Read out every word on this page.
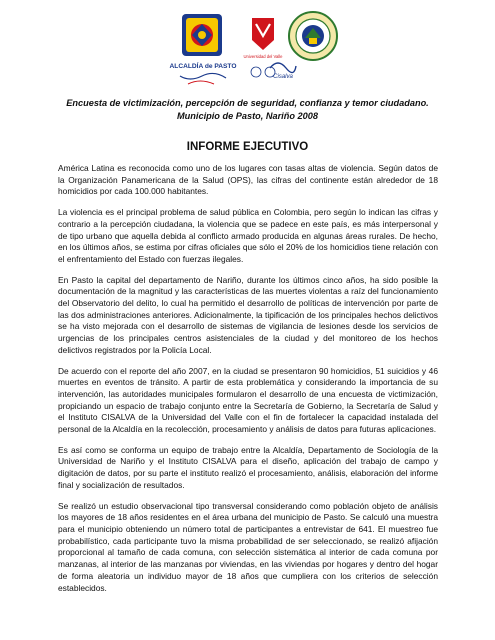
ALCALDÍA de PASTO
Universidad del Valle
Cisalva
Encuesta de victimización, percepción de seguridad, confianza y temor ciudadano. Municipio de Pasto, Nariño 2008
INFORME EJECUTIVO

América Latina es reconocida como uno de los lugares con tasas altas de violencia. Según datos de la Organización Panamericana de la Salud (OPS), las cifras del continente están alrededor de 18 homicidios por cada 100.000 habitantes.

La violencia es el principal problema de salud pública en Colombia, pero según lo indican las cifras y contrario a la percepción ciudadana, la violencia que se padece en este país, es más interpersonal y de tipo urbano que aquella debida al conflicto armado producida en algunas áreas rurales. De hecho, en los últimos años, se estima por cifras oficiales que sólo el 20% de los homicidios tiene relación con el enfrentamiento del Estado con fuerzas ilegales.

En Pasto la capital del departamento de Nariño, durante los últimos cinco años, ha sido posible la documentación de la magnitud y las características de las muertes violentas a raíz del funcionamiento del Observatorio del delito, lo cual ha permitido el desarrollo de políticas de intervención por parte de las dos administraciones anteriores. Adicionalmente, la tipificación de los principales hechos delictivos se ha visto mejorada con el desarrollo de sistemas de vigilancia de lesiones desde los servicios de urgencias de los principales centros asistenciales de la ciudad y del monitoreo de los hechos delictivos registrados por la Policía Local.

De acuerdo con el reporte del año 2007, en la ciudad se presentaron 90 homicidios, 51 suicidios y 46 muertes en eventos de tránsito. A partir de esta problemática y considerando la importancia de su intervención, las autoridades municipales formularon el desarrollo de una encuesta de victimización, propiciando un espacio de trabajo conjunto entre la Secretaría de Gobierno, la Secretaría de Salud y el Instituto CISALVA de la Universidad del Valle con el fin de fortalecer la capacidad instalada del personal de la Alcaldía en la recolección, procesamiento y análisis de datos para futuras aplicaciones.

Es así como se conforma un equipo de trabajo entre la Alcaldía, Departamento de Sociología de la Universidad de Nariño y el Instituto CISALVA para el diseño, aplicación del trabajo de campo y digitación de datos, por su parte el instituto realizó el procesamiento, análisis, elaboración del informe final y socialización de resultados.

Se realizó un estudio observacional tipo transversal considerando como población objeto de análisis los mayores de 18 años residentes en el área urbana del municipio de Pasto. Se calculó una muestra para el municipio obteniendo un número total de participantes a entrevistar de 641. El muestreo fue probabilístico, cada participante tuvo la misma probabilidad de ser seleccionado, se realizó afijación proporcional al tamaño de cada comuna, con selección sistemática al interior de cada comuna por manzanas, al interior de las manzanas por viviendas, en las viviendas por hogares y dentro del hogar de forma aleatoria un individuo mayor de 18 años que cumpliera con los criterios de selección establecidos.
